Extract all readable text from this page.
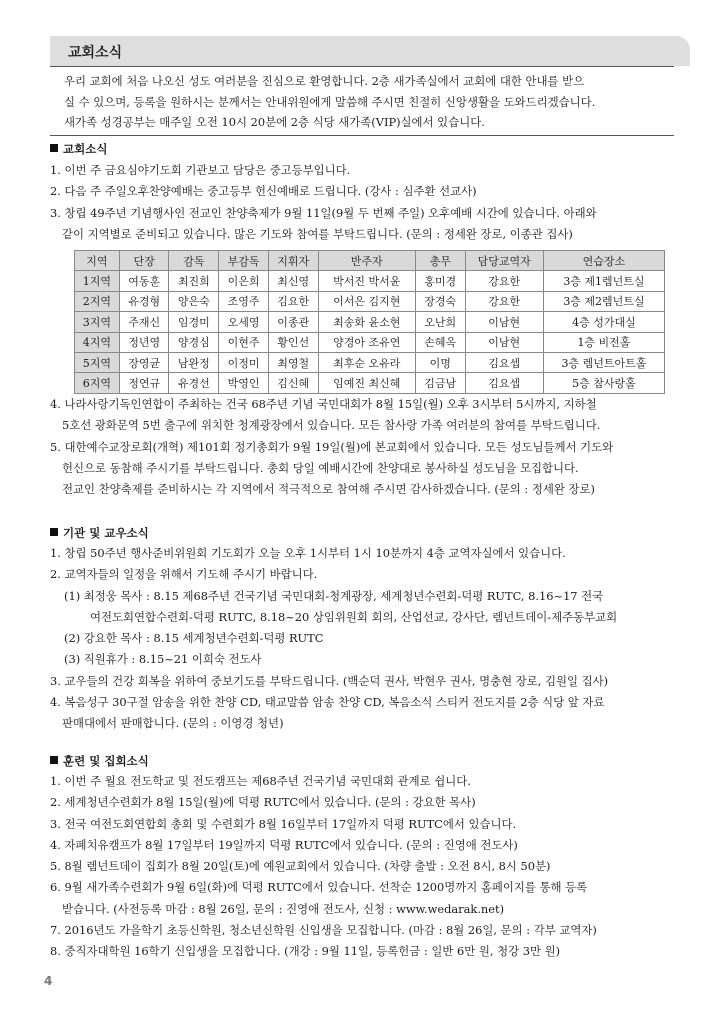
교회소식
우리 교회에 처음 나오신 성도 여러분을 진심으로 환영합니다. 2층 새가족실에서 교회에 대한 안내를 받으
실 수 있으며, 등록을 원하시는 분께서는 안내위원에게 말씀해 주시면 친절히 신앙생활을 도와드리겠습니다.
새가족 성경공부는 매주일 오전 10시 20분에 2층 식당 새가족(VIP)실에서 있습니다.
교회소식
1. 이번 주 금요심야기도회 기관보고 담당은 중고등부입니다.
2. 다음 주 주일오후찬양예배는 중고등부 헌신예배로 드립니다. (강사 : 심주환 선교사)
3. 창립 49주년 기념행사인 전교인 찬양축제가 9월 11일(9월 두 번째 주일) 오후예배 시간에 있습니다. 아래와
같이 지역별로 준비되고 있습니다. 많은 기도와 참여를 부탁드립니다. (문의 : 정세완 장로, 이종관 집사)
지역	단장	감독	부감독	지휘자	반주자	총무	담당교역자	연습장소
1지역	여동훈	최진희	이은희	최신영	박서진 박서윤	홍미경	강요한	3층 제1렘넌트실
2지역	유경형	양은숙	조영주	김요한	이서은 김지현	장경숙	강요한	3층 제2렘넌트실
3지역	주재신	임경미	오세영	이종관	최송화 윤소현	오난희	이남현	4층 성가대실
4지역	정년영	양경심	이현주	황인선	양경아 조유연	손혜옥	이남현	1층 비전홀
5지역	장영균	남완정	이정미	최영철	최후순 오유라	이명	김요셉	3층 렘넌트아트홀
6지역	정연규	유경선	박영인	김신혜	임예진 최신혜	김금남	김요셉	5층 참사랑홀
4. 나라사랑기독인연합이 주최하는 건국 68주년 기념 국민대회가 8월 15일(월) 오후 3시부터 5시까지, 지하철
5호선 광화문역 5번 출구에 위치한 청계광장에서 있습니다. 모든 참사랑 가족 여러분의 참여를 부탁드립니다.
5. 대한예수교장로회(개혁) 제101회 정기총회가 9월 19일(월)에 본교회에서 있습니다. 모든 성도님들께서 기도와
헌신으로 동참해 주시기를 부탁드립니다. 총회 당일 예배시간에 찬양대로 봉사하실 성도님을 모집합니다.
전교인 찬양축제를 준비하시는 각 지역에서 적극적으로 참여해 주시면 감사하겠습니다. (문의 : 정세완 장로)
기관 및 교우소식
1. 창립 50주년 행사준비위원회 기도회가 오늘 오후 1시부터 1시 10분까지 4층 교역자실에서 있습니다.
2. 교역자들의 일정을 위해서 기도해 주시기 바랍니다.
(1) 최정웅 목사 : 8.15 제68주년 건국기념 국민대회-청계광장, 세계청년수련회-덕평 RUTC, 8.16~17 전국
여전도회연합수련회-덕평 RUTC, 8.18~20 상임위원회 회의, 산업선교, 강사단, 렘넌트데이-제주동부교회
(2) 강요한 목사 : 8.15 세계청년수련회-덕평 RUTC
(3) 직원휴가 : 8.15~21 이희숙 전도사
3. 교우들의 건강 회복을 위하여 중보기도를 부탁드립니다. (백순덕 권사, 박현우 권사, 명충현 장로, 김원일 집사)
4. 복음성구 30구절 암송을 위한 찬양 CD, 태교말씀 암송 찬양 CD, 복음소식 스티커 전도지를 2층 식당 앞 자료
판매대에서 판매합니다. (문의 : 이영경 청년)
훈련 및 집회소식
1. 이번 주 월요 전도학교 및 전도캠프는 제68주년 건국기념 국민대회 관계로 쉽니다.
2. 세계청년수련회가 8월 15일(월)에 덕평 RUTC에서 있습니다. (문의 : 강요한 목사)
3. 전국 여전도회연합회 총회 및 수련회가 8월 16일부터 17일까지 덕평 RUTC에서 있습니다.
4. 자폐치유캠프가 8월 17일부터 19일까지 덕평 RUTC에서 있습니다. (문의 : 진영애 전도사)
5. 8월 렘넌트데이 집회가 8월 20일(토)에 예원교회에서 있습니다. (차량 출발 : 오전 8시, 8시 50분)
6. 9월 새가족수련회가 9월 6일(화)에 덕평 RUTC에서 있습니다. 선착순 1200명까지 홈페이지를 통해 등록
받습니다. (사전등록 마감 : 8월 26일, 문의 : 진영애 전도사, 신청 : www.wedarak.net)
7. 2016년도 가을학기 초등신학원, 청소년신학원 신입생을 모집합니다. (마감 : 8월 26일, 문의 : 각부 교역자)
8. 중직자대학원 16학기 신입생을 모집합니다. (개강 : 9월 11일, 등록헌금 : 일반 6만 원, 청강 3만 원)
4
